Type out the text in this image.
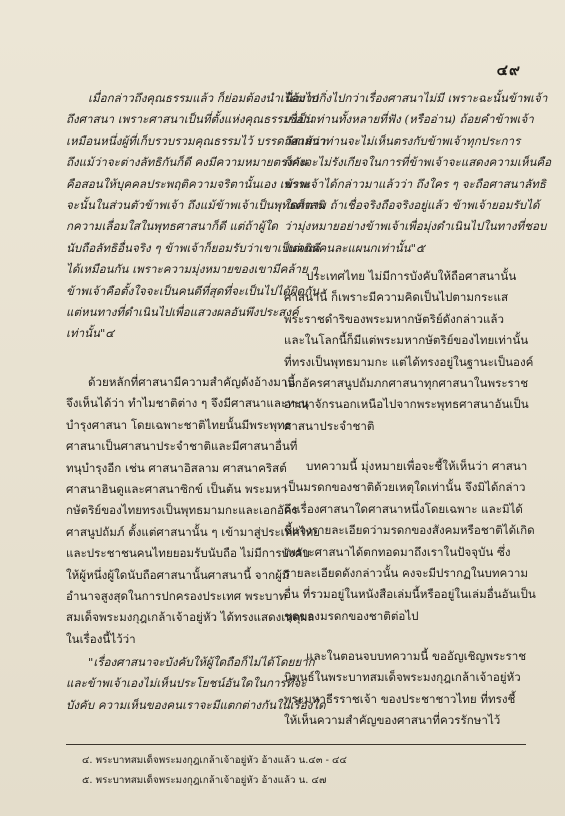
๔๙
เมื่อกล่าวถึงคุณธรรมแล้ว ก็ย่อมต้องนำเนื่องไป
ถึงศาสนา เพราะศาสนาเป็นที่ตั้งแห่งคุณธรรม เป็น
เหมือนหนึ่งผู้ที่เก็บรวบรวมคุณธรรมไว้ บรรดาศาสนา
ถึงแม้ว่าจะต่างลัทธิกันก็ดี คงมีความหมายตรงกัน
คือสอนให้บุคคลประพฤติความจริตานั้นเอง เพราะ
จะนั้นในส่วนตัวข้าพเจ้า ถึงแม้ข้าพเจ้าเป็นพุทธศาสนิ
กความเลื่อมใสในพุทธศาสนาก็ดี แต่ถ้าผู้ใด
นับถือลัทธิอื่นจริง ๆ ข้าพเจ้าก็ยอมรับว่าเขาเป็นคนดี
ได้เหมือนกัน เพราะความมุ่งหมายของเขามีคล้าย ๆ
ข้าพเจ้าคือตั้งใจจะเป็นคนดีที่สุดที่จะเป็นไปได้ผิดกัน
แต่หนทางที่ดำเนินไปเพื่อแสวงผลอันพึงประสงค์
เท่านั้น"๔
ด้วยหลักที่ศาสนามีความสำคัญดังอ้างมานี้
จึงเห็นได้ว่า ทำไมชาติต่าง ๆ จึงมีศาสนาและทะนุ
บำรุงศาสนา โดยเฉพาะชาติไทยนั้นมีพระพุทธ
ศาสนาเป็นศาสนาประจำชาติและมีศาสนาอื่นที่
ทนุบำรุงอีก เช่น ศาสนาอิสลาม ศาสนาคริสต์
ศาสนาฮินดูและศาสนาซิกข์ เป็นต้น พระมหา
กษัตริย์ของไทยทรงเป็นพุทธมามกะและเอกอัคร
ศาสนูปถัมภ์ ตั้งแต่ศาสนานั้น ๆ เข้ามาสู่ประเทศไทย
และประชาชนคนไทยยอมรับนับถือ ไม่มีการบังคับ
ให้ผู้หนึ่งผู้ใดนับถือศาสนานั้นศาสนานี้ จากผู้มี
อำนาจสูงสุดในการปกครองประเทศ พระบาท
สมเด็จพระมงกุฎเกล้าเจ้าอยู่หัว ได้ทรงแสดงเหตุผล
ในเรื่องนี้ไว้ว่า
"เรื่องศาสนาจะบังคับให้ผู้ใดถือก็ไม่ได้โดยยาก
และข้าพเจ้าเองไม่เห็นประโยชน์อันใดในการที่จะ
บังคับ ความเห็นของคนเราจะมีแตกต่างกันในเรื่องใด
ได้มากกิ่งไปกว่าเรื่องศาสนาไม่มี เพราะฉะนั้นข้าพเจ้า
เชื่อว่าท่านทั้งหลายที่ฟัง (หรืออ่าน) ถ้อยคำข้าพเจ้า
ถึงแม้ว่าท่านจะไม่เห็นตรงกับข้าพเจ้าทุกประการ
ก็คงจะไม่รังเกียจในการที่ข้าพเจ้าจะแสดงความเห็นคือ
ข้าพเจ้าได้กล่าวมาแล้วว่า ถึงใคร ๆ จะถือศาสนาลัทธิ
ใดก็ตาม ถ้าเชื่อจริงถือจริงอยู่แล้ว ข้าพเจ้ายอมรับได้
ว่ามุ่งหมายอย่างข้าพเจ้าเพื่อมุ่งดำเนินไปในทางที่ชอบ
แต่เดินคนละแผนกเท่านั้น"๕
ประเทศไทย ไม่มีการบังคับให้ถือศาสนานั้น
ศาสนานี้ ก็เพราะมีความคิดเป็นไปตามกระแส
พระราชดำริของพระมหากษัตริย์ดังกล่าวแล้ว
และในโลกนี้ก็มีแต่พระมหากษัตริย์ของไทยเท่านั้น
ที่ทรงเป็นพุทธมามกะ แต่ได้ทรงอยู่ในฐานะเป็นองค์
เอกอัครศาสนูปถัมภกศาสนาทุกศาสนาในพระราช
อาณาจักรนอกเหนือไปจากพระพุทธศาสนาอันเป็น
ศาสนาประจำชาติ
บทความนี้ มุ่งหมายเพื่อจะชี้ให้เห็นว่า ศาสนา
เป็นมรดกของชาติด้วยเหตุใดเท่านั้น จึงมิได้กล่าว
ถึงเรื่องศาสนาใดศาสนาหนึ่งโดยเฉพาะ และมิได้
ชี้แจงรายละเอียดว่ามรดกของสังคมหรือชาติได้เกิด
เพราะศาสนาได้ตกทอดมาถึงเราในปัจจุบัน ซึ่ง
รายละเอียดดังกล่าวนั้น คงจะมีปรากฏในบทความ
อื่น ที่รวมอยู่ในหนังสือเล่มนี้หรืออยู่ในเล่มอื่นอันเป็น
ชุดของมรดกของชาติต่อไป
และในตอนจบบทความนี้ ขออัญเชิญพระราช
นิพนธ์ในพระบาทสมเด็จพระมงกุฎเกล้าเจ้าอยู่หัว
พระมหาธีรราชเจ้า ของประชาชาวไทย ที่ทรงชี้
ให้เห็นความสำคัญของศาสนาที่ควรรักษาไว้
๔. พระบาทสมเด็จพระมงกุฎเกล้าเจ้าอยู่หัว อ้างแล้ว น.๔๓ - ๔๔
๕. พระบาทสมเด็จพระมงกุฎเกล้าเจ้าอยู่หัว อ้างแล้ว น. ๔๗
